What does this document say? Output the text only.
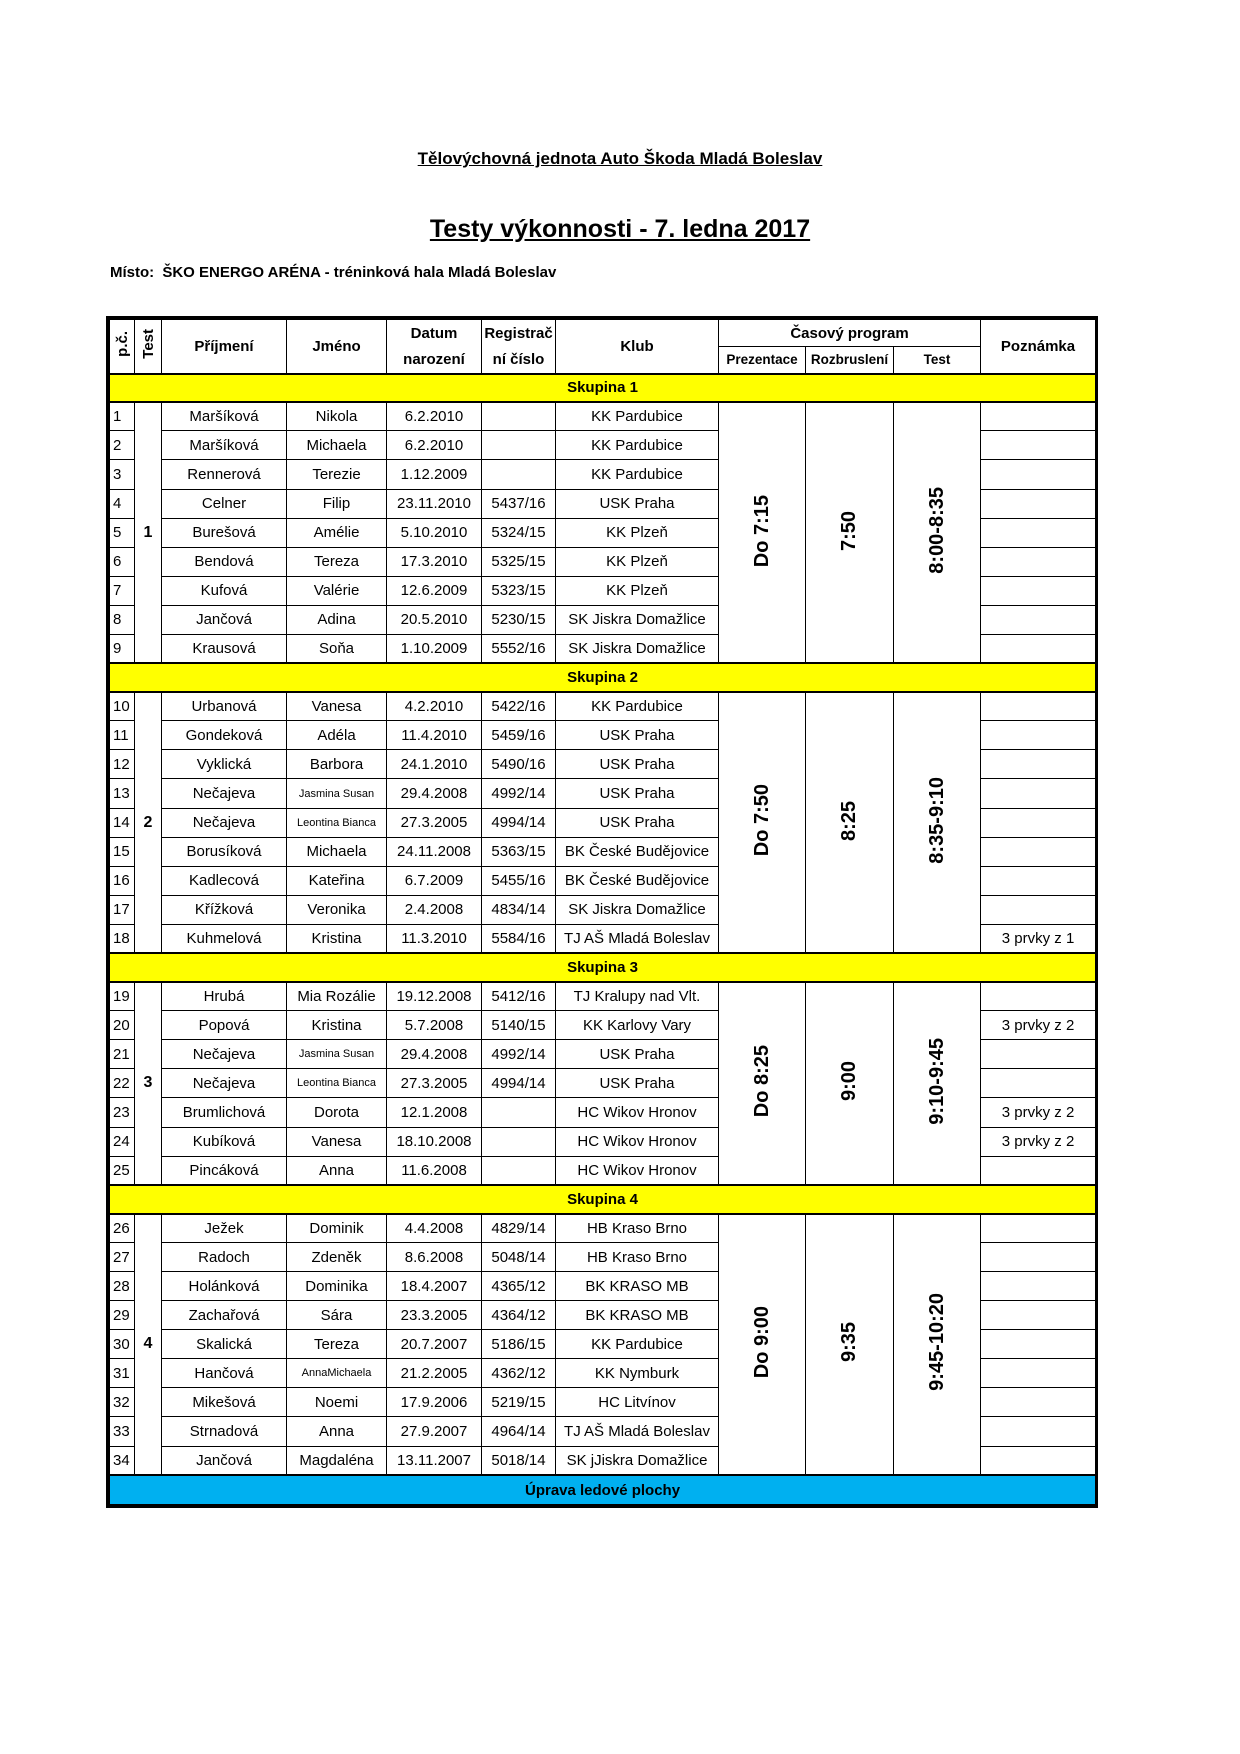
Tělovýchovná jednota Auto Škoda Mladá Boleslav
Testy výkonnosti - 7. ledna 2017
Místo: ŠKO ENERGO ARÉNA - tréninková hala Mladá Boleslav
p.č.	Test	Příjmení	Jméno	Datum	Registrač	Klub	Časový program			Poznámka
				narození	ní číslo		Prezentace	Rozbruslení	Test	
Skupina 1										
1	1	Maršíková	Nikola	6.2.2010		KK Pardubice	Do 7:15	7:50	8:00-8:35	
2		Maršíková	Michaela	6.2.2010		KK Pardubice				
3		Rennerová	Terezie	1.12.2009		KK Pardubice				
4		Celner	Filip	23.11.2010	5437/16	USK Praha				
5		Burešová	Amélie	5.10.2010	5324/15	KK Plzeň				
6		Bendová	Tereza	17.3.2010	5325/15	KK Plzeň				
7		Kufová	Valérie	12.6.2009	5323/15	KK Plzeň				
8		Jančová	Adina	20.5.2010	5230/15	SK Jiskra Domažlice				
9		Krausová	Soňa	1.10.2009	5552/16	SK Jiskra Domažlice				
Skupina 2										
10	2	Urbanová	Vanesa	4.2.2010	5422/16	KK Pardubice	Do 7:50	8:25	8:35-9:10	
11		Gondeková	Adéla	11.4.2010	5459/16	USK Praha				
12		Vyklická	Barbora	24.1.2010	5490/16	USK Praha				
13		Nečajeva	Jasmina Susan	29.4.2008	4992/14	USK Praha				
14		Nečajeva	Leontina Bianca	27.3.2005	4994/14	USK Praha				
15		Borusíková	Michaela	24.11.2008	5363/15	BK České Budějovice				
16		Kadlecová	Kateřina	6.7.2009	5455/16	BK České Budějovice				
17		Křížková	Veronika	2.4.2008	4834/14	SK Jiskra Domažlice				
18		Kuhmelová	Kristina	11.3.2010	5584/16	TJ AŠ Mladá Boleslav				3 prvky z 1
Skupina 3										
19	3	Hrubá	Mia Rozálie	19.12.2008	5412/16	TJ Kralupy nad Vlt.	Do 8:25	9:00	9:10-9:45	
20		Popová	Kristina	5.7.2008	5140/15	KK Karlovy Vary				3 prvky z 2
21		Nečajeva	Jasmina Susan	29.4.2008	4992/14	USK Praha				
22		Nečajeva	Leontina Bianca	27.3.2005	4994/14	USK Praha				
23		Brumlichová	Dorota	12.1.2008		HC Wikov Hronov				3 prvky z 2
24		Kubíková	Vanesa	18.10.2008		HC Wikov Hronov				3 prvky z 2
25		Pincáková	Anna	11.6.2008		HC Wikov Hronov				
Skupina 4										
26	4	Ježek	Dominik	4.4.2008	4829/14	HB Kraso Brno	Do 9:00	9:35	9:45-10:20	
27		Radoch	Zdeněk	8.6.2008	5048/14	HB Kraso Brno				
28		Holánková	Dominika	18.4.2007	4365/12	BK KRASO MB				
29		Zachařová	Sára	23.3.2005	4364/12	BK KRASO MB				
30		Skalická	Tereza	20.7.2007	5186/15	KK Pardubice				
31		Hančová	AnnaMichaela	21.2.2005	4362/12	KK Nymburk				
32		Mikešová	Noemi	17.9.2006	5219/15	HC Litvínov				
33		Strnadová	Anna	27.9.2007	4964/14	TJ AŠ Mladá Boleslav				
34		Jančová	Magdaléna	13.11.2007	5018/14	SK jJiskra Domažlice				
Úprava ledové plochy										
